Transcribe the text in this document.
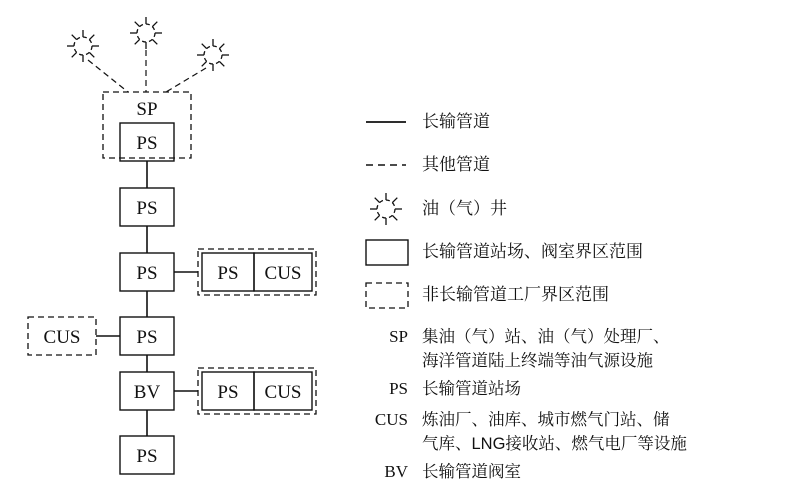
SP
PS
PS
PS
PS
BV
PS
CUS
PS CUS
PS CUS
长输管道
其他管道
油（气）井
长输管道站场、阀室界区范围
非长输管道工厂界区范围
SP 集油（气）站、油（气）处理厂、
海洋管道陆上终端等油气源设施
PS 长输管道站场
CUS 炼油厂、油库、城市燃气门站、储
气库、LNG接收站、燃气电厂等设施
BV 长输管道阀室
